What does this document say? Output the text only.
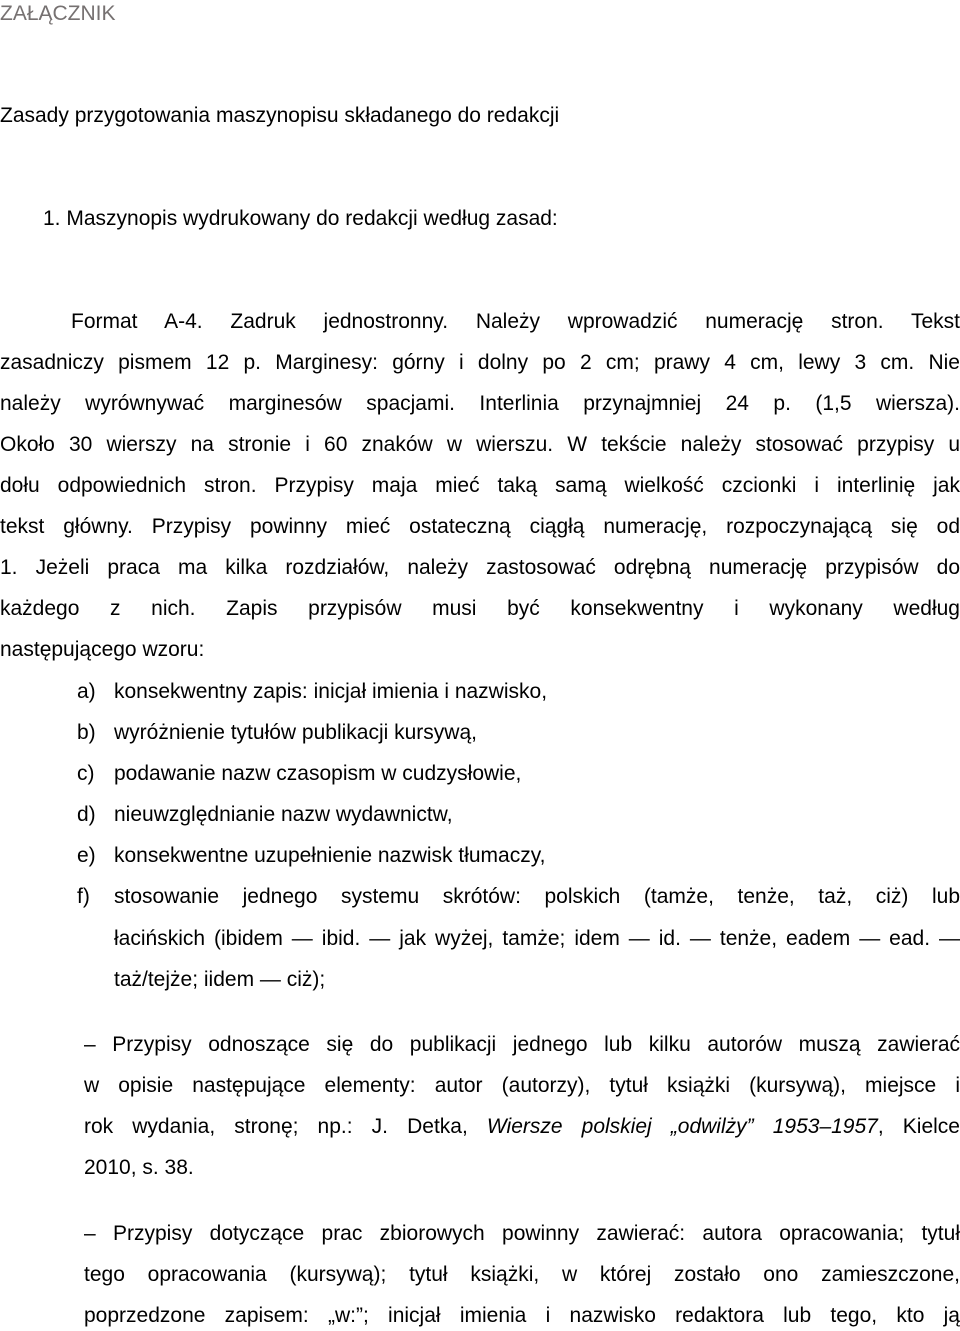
ZAŁĄCZNIK
Zasady przygotowania maszynopisu składanego do redakcji
1. Maszynopis wydrukowany do redakcji według zasad:
Format A-4. Zadruk jednostronny. Należy wprowadzić numerację stron. Tekst
zasadniczy pismem 12 p. Marginesy: górny i dolny po 2 cm; prawy 4 cm, lewy 3 cm. Nie
należy wyrównywać marginesów spacjami. Interlinia przynajmniej 24 p. (1,5 wiersza).
Około 30 wierszy na stronie i 60 znaków w wierszu. W tekście należy stosować przypisy u
dołu odpowiednich stron. Przypisy maja mieć taką samą wielkość czcionki i interlinię jak
tekst główny. Przypisy powinny mieć ostateczną ciągłą numerację, rozpoczynającą się od
1. Jeżeli praca ma kilka rozdziałów, należy zastosować odrębną numerację przypisów do
każdego z nich. Zapis przypisów musi być konsekwentny i wykonany według
następującego wzoru:
a) konsekwentny zapis: inicjał imienia i nazwisko,
b) wyróżnienie tytułów publikacji kursywą,
c) podawanie nazw czasopism w cudzysłowie,
d) nieuwzględnianie nazw wydawnictw,
e) konsekwentne uzupełnienie nazwisk tłumaczy,
f) stosowanie jednego systemu skrótów: polskich (tamże, tenże, taż, ciż) lub
łacińskich (ibidem — ibid. — jak wyżej, tamże; idem — id. — tenże, eadem — ead. —
taż/tejże; iidem — ciż);
– Przypisy odnoszące się do publikacji jednego lub kilku autorów muszą zawierać
w opisie następujące elementy: autor (autorzy), tytuł książki (kursywą), miejsce i
rok wydania, stronę; np.: J. Detka, Wiersze polskiej „odwilży” 1953–1957, Kielce
2010, s. 38.
– Przypisy dotyczące prac zbiorowych powinny zawierać: autora opracowania; tytuł
tego opracowania (kursywą); tytuł książki, w której zostało ono zamieszczone,
poprzedzone zapisem: „w:”; inicjał imienia i nazwisko redaktora lub tego, kto ją
